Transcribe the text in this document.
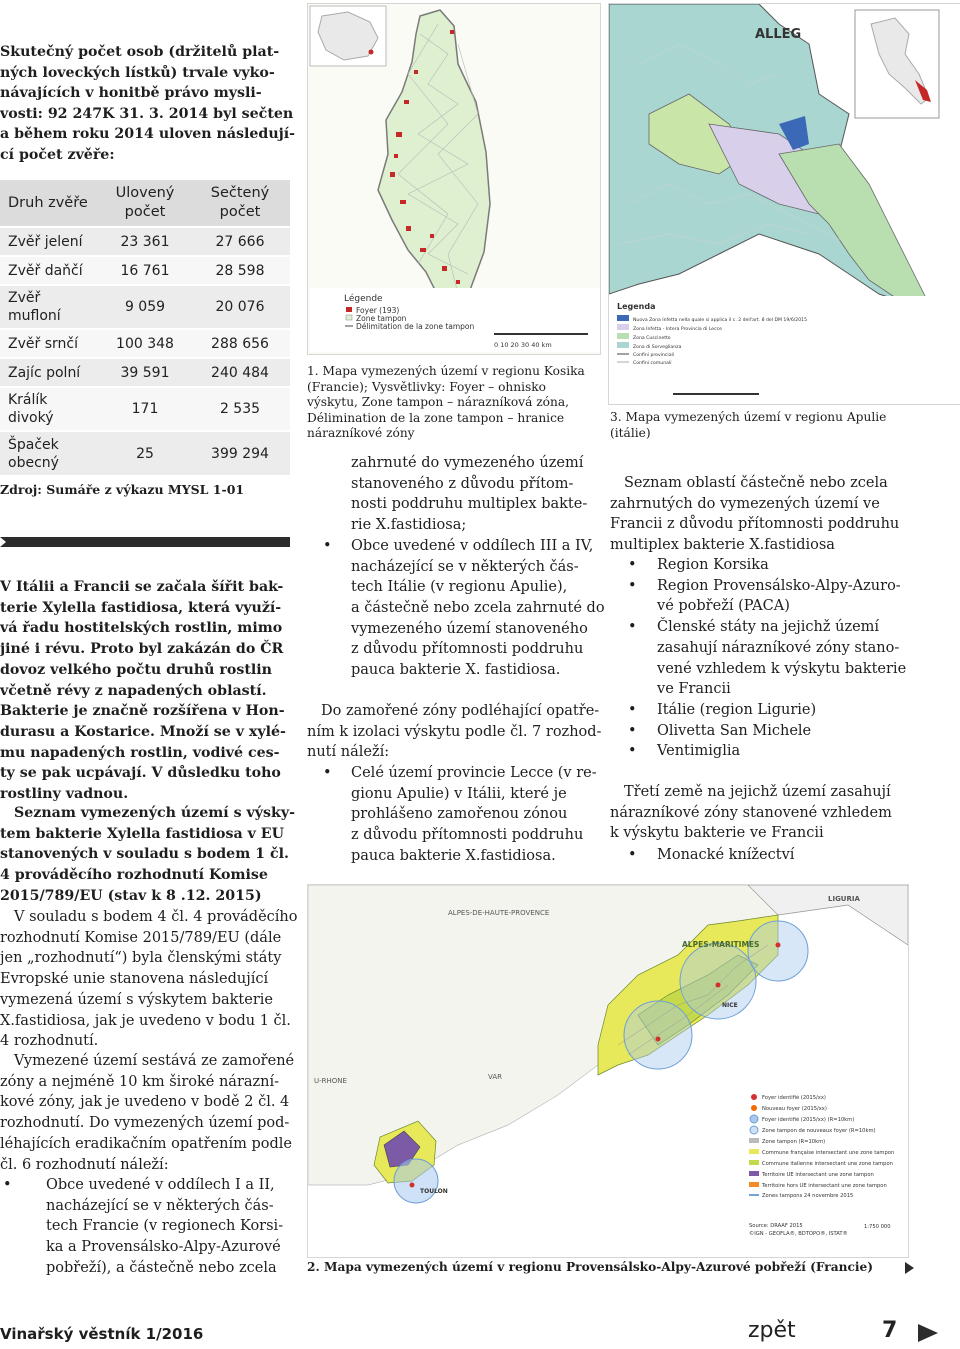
Skutečný počet osob (držitelů plat-
ných loveckých lístků) trvale vyko-
návajících v honitbě právo mysli-
vosti: 92 247K 31. 3. 2014 byl sečten
a během roku 2014 uloven následují-
cí počet zvěře:
Druh zvěře	Ulovený počet	Sečtený počet
Zvěř jelení	23 361	27 666
Zvěř daňčí	16 761	28 598
Zvěř mufloní	9 059	20 076
Zvěř srnčí	100 348	288 656
Zajíc polní	39 591	240 484
Králík divoký	171	2 535
Špaček obecný	25	399 294
Zdroj: Sumáře z výkazu MYSL 1-01
V Itálii a Francii se začala šířit bak-
terie Xylella fastidiosa, která využí-
vá řadu hostitelských rostlin, mimo
jiné i révu. Proto byl zakázán do ČR
dovoz velkého počtu druhů rostlin
včetně révy z napadených oblastí.
Bakterie je značně rozšířena v Hon-
durasu a Kostarice. Množí se v xylé-
mu napadených rostlin, vodivé ces-
ty se pak ucpávají. V důsledku toho
rostliny vadnou.
Seznam vymezených území s výsky-
tem bakterie Xylella fastidiosa v EU
stanovených v souladu s bodem 1 čl.
4 prováděcího rozhodnutí Komise
2015/789/EU (stav k 8 .12. 2015)
V souladu s bodem 4 čl. 4 prováděcího
rozhodnutí Komise 2015/789/EU (dále
jen „rozhodnutí“) byla členskými státy
Evropské unie stanovena následující
vymezená území s výskytem bakterie
X.fastidiosa, jak je uvedeno v bodu 1 čl.
4 rozhodnutí.
Vymezené území sestává ze zamořené
zóny a nejméně 10 km široké nárazní-
kové zóny, jak je uvedeno v bodě 2 čl. 4
rozhodnutí. Do vymezených území pod-
léhajících eradikačním opatřením podle
čl. 6 rozhodnutí náleží:
• Obce uvedené v oddílech I a II,
nacházející se v některých čás-
tech Francie (v regionech Korsi-
ka a Provensálsko-Alpy-Azurové
pobřeží), a částečně nebo zcela
Légende
Foyer (193)
Zone tampon
Délimitation de la zone tampon
0 10 20 30 40 km
1. Mapa vymezených území v regionu Kosika
(Francie); Vysvětlivky: Foyer – ohnisko
výskytu, Zone tampon – nárazníková zóna,
Délimination de la zone tampon – hranice
nárazníkové zóny
zahrnuté do vymezeného území
stanoveného z důvodu přítom-
nosti poddruhu multiplex bakte-
rie X.fastidiosa;
• Obce uvedené v oddílech III a IV,
nacházející se v některých čás-
tech Itálie (v regionu Apulie),
a částečně nebo zcela zahrnuté do
vymezeného území stanoveného
z důvodu přítomnosti poddruhu
pauca bakterie X. fastidiosa.
Do zamořené zóny podléhající opatře-
ním k izolaci výskytu podle čl. 7 rozhod-
nutí náleží:
• Celé území provincie Lecce (v re-
gionu Apulie) v Itálii, které je
prohlášeno zamořenou zónou
z důvodu přítomnosti poddruhu
pauca bakterie X.fastidiosa.
ALLEG
Legenda
Nuova Zona Infetta nella quale si applica il c. 2 dell'art. 8 del DM 19/6/2015
Zona Infetta - Intera Provincia di Lecce
Zona Cuscinetto
Zona di Sorveglianza
Confini provinciali
Confini comunali
3. Mapa vymezených území v regionu Apulie
(itálie)
Seznam oblastí částečně nebo zcela
zahrnutých do vymezených území ve
Francii z důvodu přítomnosti poddruhu
multiplex bakterie X.fastidiosa
• Region Korsika
• Region Provensálsko-Alpy-Azuro-
vé pobřeží (PACA)
• Členské státy na jejichž území
zasahují nárazníkové zóny stano-
vené vzhledem k výskytu bakterie
ve Francii
• Itálie (region Ligurie)
• Olivetta San Michele
• Ventimiglia
Třetí země na jejichž území zasahují
nárazníkové zóny stanovené vzhledem
k výskytu bakterie ve Francii
• Monacké knížectví
ALPES-DE-HAUTE-PROVENCE
ALPES-MARITIMES
LIGURIA
VAR
U-RHONE
NICE
TOULON
Foyer identifié (2015/xx)
Nouveau foyer (2015/xx)
Foyer identifié (2015/xx) (R=10km)
Zone tampon de nouveaux foyer (R=10km)
Zone tampon (R=10km)
Commune française intersectant une zone tampon
Commune italienne intersectant une zone tampon
Territoire UE intersectant une zone tampon
Territoire hors UE intersectant une zone tampon
Zones tampons 24 novembre 2015
Source: DRAAF 2015
©IGN - GEOFLA®, BDTOPO®, ISTAT®
1:750 000
2. Mapa vymezených území v regionu Provensálsko-Alpy-Azurové pobřeží (Francie)
Vinařský věstník 1/2016	zpět	7
